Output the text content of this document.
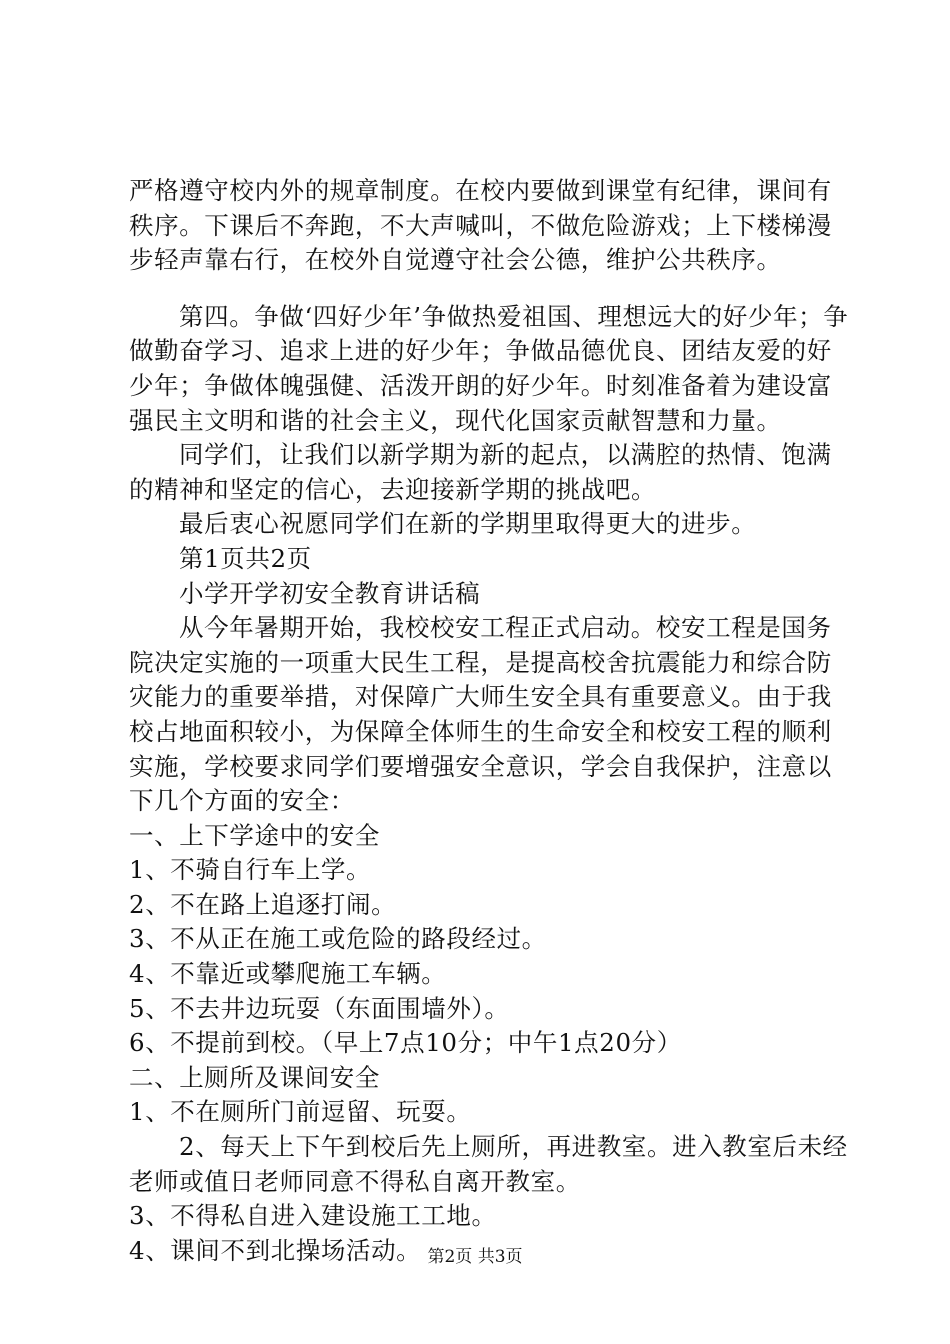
严格遵守校内外的规章制度。在校内要做到课堂有纪律，课间有秩序。下课后不奔跑，不大声喊叫，不做危险游戏；上下楼梯漫步轻声靠右行，在校外自觉遵守社会公德，维护公共秩序。

第四。争做‘四好少年’争做热爱祖国、理想远大的好少年；争做勤奋学习、追求上进的好少年；争做品德优良、团结友爱的好少年；争做体魄强健、活泼开朗的好少年。时刻准备着为建设富强民主文明和谐的社会主义，现代化国家贡献智慧和力量。

同学们，让我们以新学期为新的起点，以满腔的热情、饱满的精神和坚定的信心，去迎接新学期的挑战吧。

最后衷心祝愿同学们在新的学期里取得更大的进步。

第1页共2页

小学开学初安全教育讲话稿

从今年暑期开始，我校校安工程正式启动。校安工程是国务院决定实施的一项重大民生工程，是提高校舍抗震能力和综合防灾能力的重要举措，对保障广大师生安全具有重要意义。由于我校占地面积较小，为保障全体师生的生命安全和校安工程的顺利实施，学校要求同学们要增强安全意识，学会自我保护，注意以下几个方面的安全：

一、上下学途中的安全

1、不骑自行车上学。

2、不在路上追逐打闹。

3、不从正在施工或危险的路段经过。

4、不靠近或攀爬施工车辆。

5、不去井边玩耍（东面围墙外）。

6、不提前到校。（早上7点10分；中午1点20分）

二、上厕所及课间安全

1、不在厕所门前逗留、玩耍。

2、每天上下午到校后先上厕所，再进教室。进入教室后未经老师或值日老师同意不得私自离开教室。

3、不得私自进入建设施工工地。

4、课间不到北操场活动。 第2页 共3页
